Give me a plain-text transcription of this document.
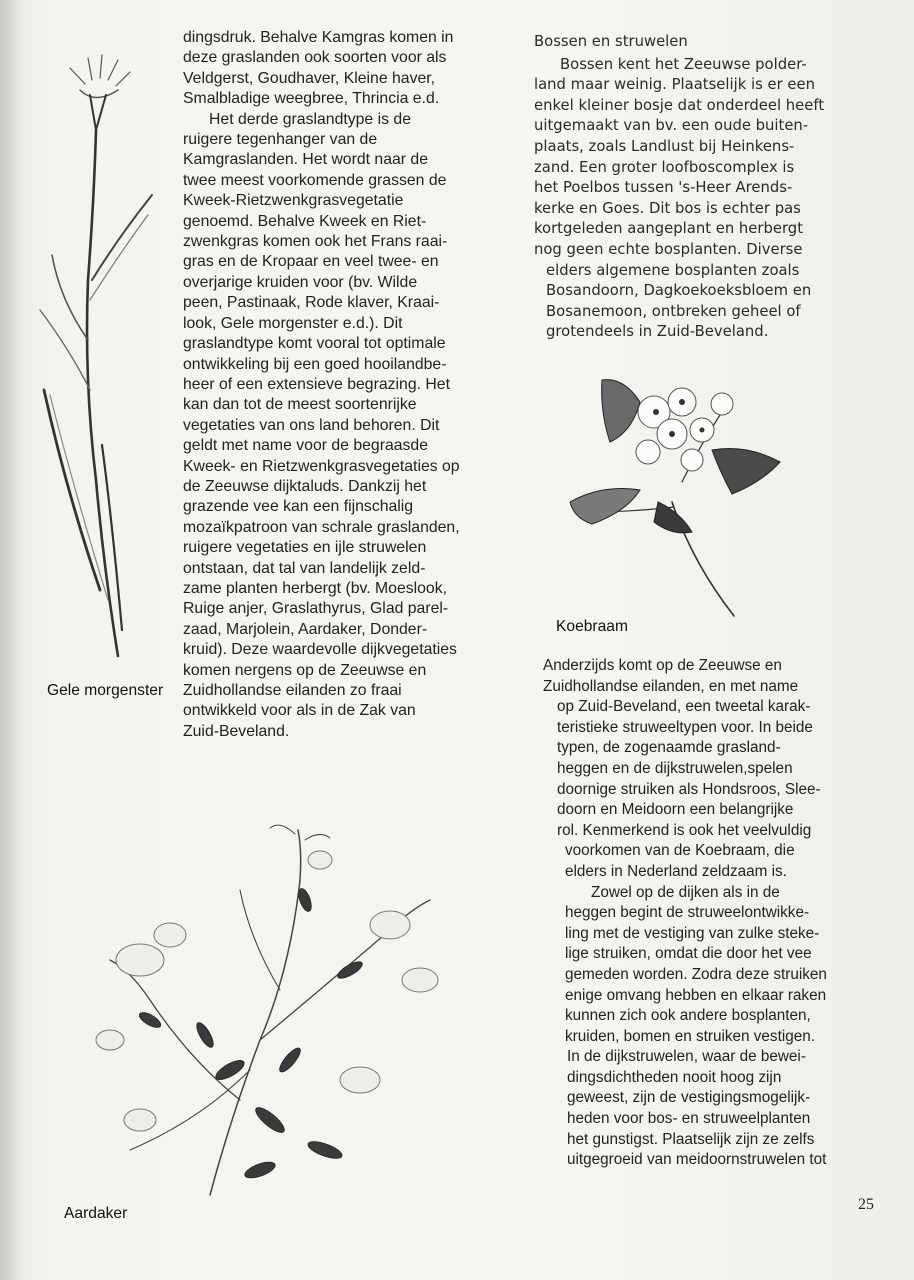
Gele morgenster
Koebraam
Aardaker
dingsdruk. Behalve Kamgras komen in
deze graslanden ook soorten voor als
Veldgerst, Goudhaver, Kleine haver,
Smalbladige weegbree, Thrincia e.d.
Het derde graslandtype is de
ruigere tegenhanger van de
Kamgraslanden. Het wordt naar de
twee meest voorkomende grassen de
Kweek-Rietzwenkgrasvegetatie
genoemd. Behalve Kweek en Riet-
zwenkgras komen ook het Frans raai-
gras en de Kropaar en veel twee- en
overjarige kruiden voor (bv. Wilde
peen, Pastinaak, Rode klaver, Kraai-
look, Gele morgenster e.d.). Dit
graslandtype komt vooral tot optimale
ontwikkeling bij een goed hooilandbe-
heer of een extensieve begrazing. Het
kan dan tot de meest soortenrijke
vegetaties van ons land behoren. Dit
geldt met name voor de begraasde
Kweek- en Rietzwenkgrasvegetaties op
de Zeeuwse dijktaluds. Dankzij het
grazende vee kan een fijnschalig
mozaïkpatroon van schrale graslanden,
ruigere vegetaties en ijle struwelen
ontstaan, dat tal van landelijk zeld-
zame planten herbergt (bv. Moeslook,
Ruige anjer, Graslathyrus, Glad parel-
zaad, Marjolein, Aardaker, Donder-
kruid). Deze waardevolle dijkvegetaties
komen nergens op de Zeeuwse en
Zuidhollandse eilanden zo fraai
ontwikkeld voor als in de Zak van
Zuid-Beveland.
Bossen en struwelen
Bossen kent het Zeeuwse polder-
land maar weinig. Plaatselijk is er een
enkel kleiner bosje dat onderdeel heeft
uitgemaakt van bv. een oude buiten-
plaats, zoals Landlust bij Heinkens-
zand. Een groter loofboscomplex is
het Poelbos tussen 's-Heer Arends-
kerke en Goes. Dit bos is echter pas
kortgeleden aangeplant en herbergt
nog geen echte bosplanten. Diverse
elders algemene bosplanten zoals
Bosandoorn, Dagkoekoeksbloem en
Bosanemoon, ontbreken geheel of
grotendeels in Zuid-Beveland.
Anderzijds komt op de Zeeuwse en
Zuidhollandse eilanden, en met name
op Zuid-Beveland, een tweetal karak-
teristieke struweeltypen voor. In beide
typen, de zogenaamde grasland-
heggen en de dijkstruwelen,spelen
doornige struiken als Hondsroos, Slee-
doorn en Meidoorn een belangrijke
rol. Kenmerkend is ook het veelvuldig
voorkomen van de Koebraam, die
elders in Nederland zeldzaam is.
Zowel op de dijken als in de
heggen begint de struweelontwikke-
ling met de vestiging van zulke steke-
lige struiken, omdat die door het vee
gemeden worden. Zodra deze struiken
enige omvang hebben en elkaar raken
kunnen zich ook andere bosplanten,
kruiden, bomen en struiken vestigen.
In de dijkstruwelen, waar de bewei-
dingsdichtheden nooit hoog zijn
geweest, zijn de vestigingsmogelijk-
heden voor bos- en struweelplanten
het gunstigst. Plaatselijk zijn ze zelfs
uitgegroeid van meidoornstruwelen tot
25
